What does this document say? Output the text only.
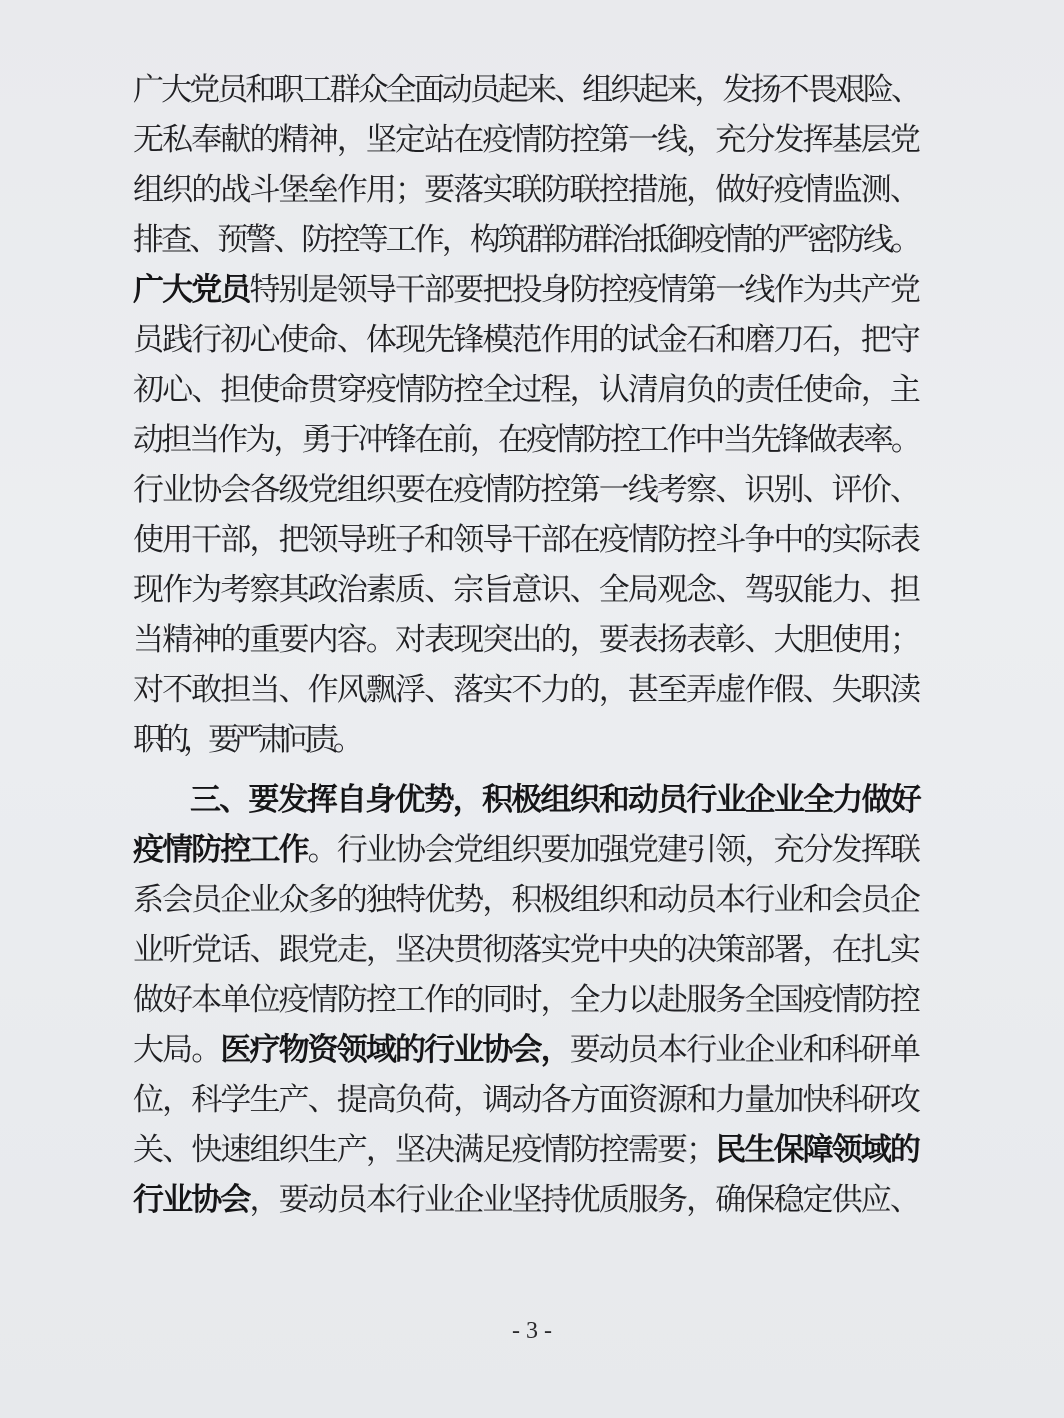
广大党员和职工群众全面动员起来、组织起来，发扬不畏艰险、
无私奉献的精神，坚定站在疫情防控第一线，充分发挥基层党
组织的战斗堡垒作用；要落实联防联控措施，做好疫情监测、
排查、预警、防控等工作，构筑群防群治抵御疫情的严密防线。
广大党员 特别是领导干部要把投身防控疫情第一线作为共产党
员践行初心使命、体现先锋模范作用的试金石和磨刀石，把守
初心、担使命贯穿疫情防控全过程，认清肩负的责任使命，主
动担当作为，勇于冲锋在前，在疫情防控工作中当先锋做表率。
行业协会各级党组织要在疫情防控第一线考察、识别、评价、
使用干部，把领导班子和领导干部在疫情防控斗争中的实际表
现作为考察其政治素质、宗旨意识、全局观念、驾驭能力、担
当精神的重要内容。对表现突出的，要表扬表彰、大胆使用；
对不敢担当、作风飘浮、落实不力的，甚至弄虚作假、失职渎
职的，要严肃问责。
三、要发挥自身优势，积极组织和动员行业企业全力做好
疫情防控工作 。行业协会党组织要加强党建引领，充分发挥联
系会员企业众多的独特优势，积极组织和动员本行业和会员企
业听党话、跟党走，坚决贯彻落实党中央的决策部署，在扎实
做好本单位疫情防控工作的同时，全力以赴服务全国疫情防控
大局。 医疗物资领域的行业协会， 要动员本行业企业和科研单
位，科学生产、提高负荷，调动各方面资源和力量加快科研攻
关、快速组织生产，坚决满足疫情防控需要； 民生保障领域的
行业协会 ，要动员本行业企业坚持优质服务，确保稳定供应、
- 3 -
